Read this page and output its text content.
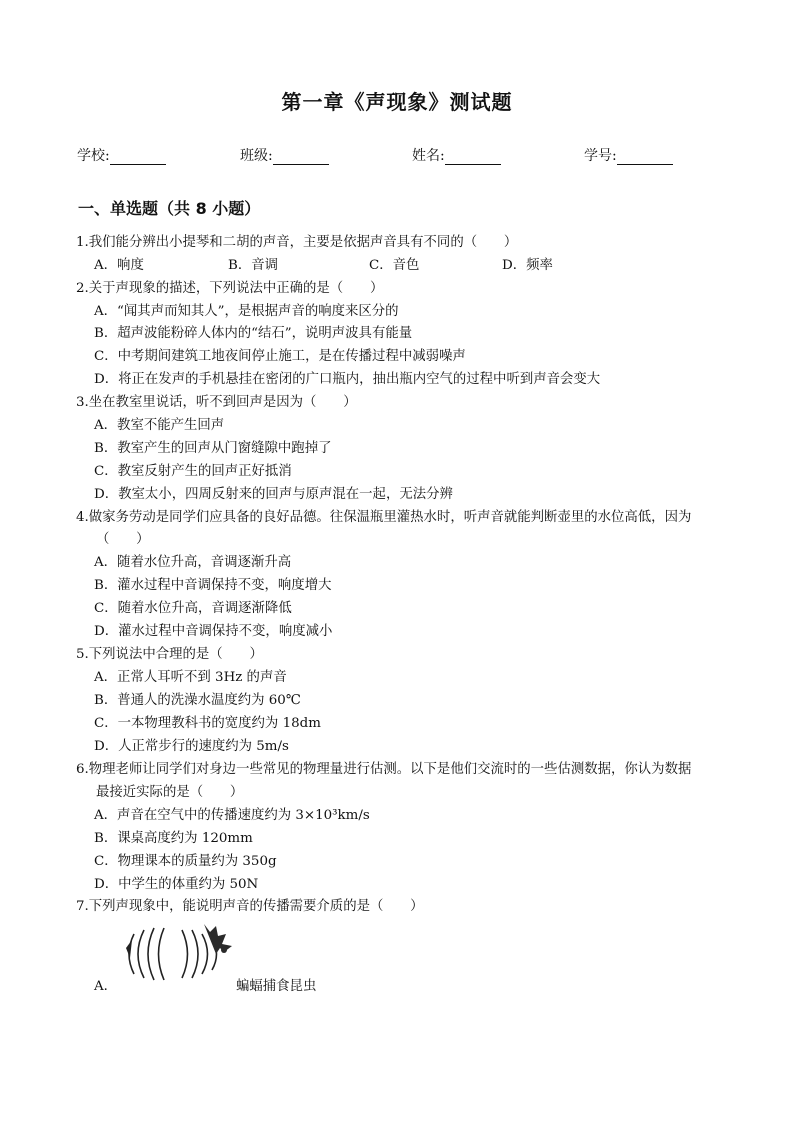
第一章《声现象》测试题
学校:	班级:	姓名:	学号:
一、单选题（共 8 小题）
1.我们能分辨出小提琴和二胡的声音，主要是依据声音具有不同的（　　）
A．响度	B．音调	C．音色	D．频率
2.关于声现象的描述，下列说法中正确的是（　　）
A．“闻其声而知其人”，是根据声音的响度来区分的
B．超声波能粉碎人体内的“结石”，说明声波具有能量
C．中考期间建筑工地夜间停止施工，是在传播过程中减弱噪声
D．将正在发声的手机悬挂在密闭的广口瓶内，抽出瓶内空气的过程中听到声音会变大
3.坐在教室里说话，听不到回声是因为（　　）
A．教室不能产生回声
B．教室产生的回声从门窗缝隙中跑掉了
C．教室反射产生的回声正好抵消
D．教室太小，四周反射来的回声与原声混在一起，无法分辨
4.做家务劳动是同学们应具备的良好品德。往保温瓶里灌热水时，听声音就能判断壶里的水位高低，因为
（　　）
A．随着水位升高，音调逐渐升高
B．灌水过程中音调保持不变，响度增大
C．随着水位升高，音调逐渐降低
D．灌水过程中音调保持不变，响度减小
5.下列说法中合理的是（　　）
A．正常人耳听不到 3Hz 的声音
B．普通人的洗澡水温度约为 60℃
C．一本物理教科书的宽度约为 18dm
D．人正常步行的速度约为 5m/s
6.物理老师让同学们对身边一些常见的物理量进行估测。以下是他们交流时的一些估测数据，你认为数据
最接近实际的是（　　）
A．声音在空气中的传播速度约为 3×10³km/s
B．课桌高度约为 120mm
C．物理课本的质量约为 350g
D．中学生的体重约为 50N
7.下列声现象中，能说明声音的传播需要介质的是（　　）
A．	蝙蝠捕食昆虫
